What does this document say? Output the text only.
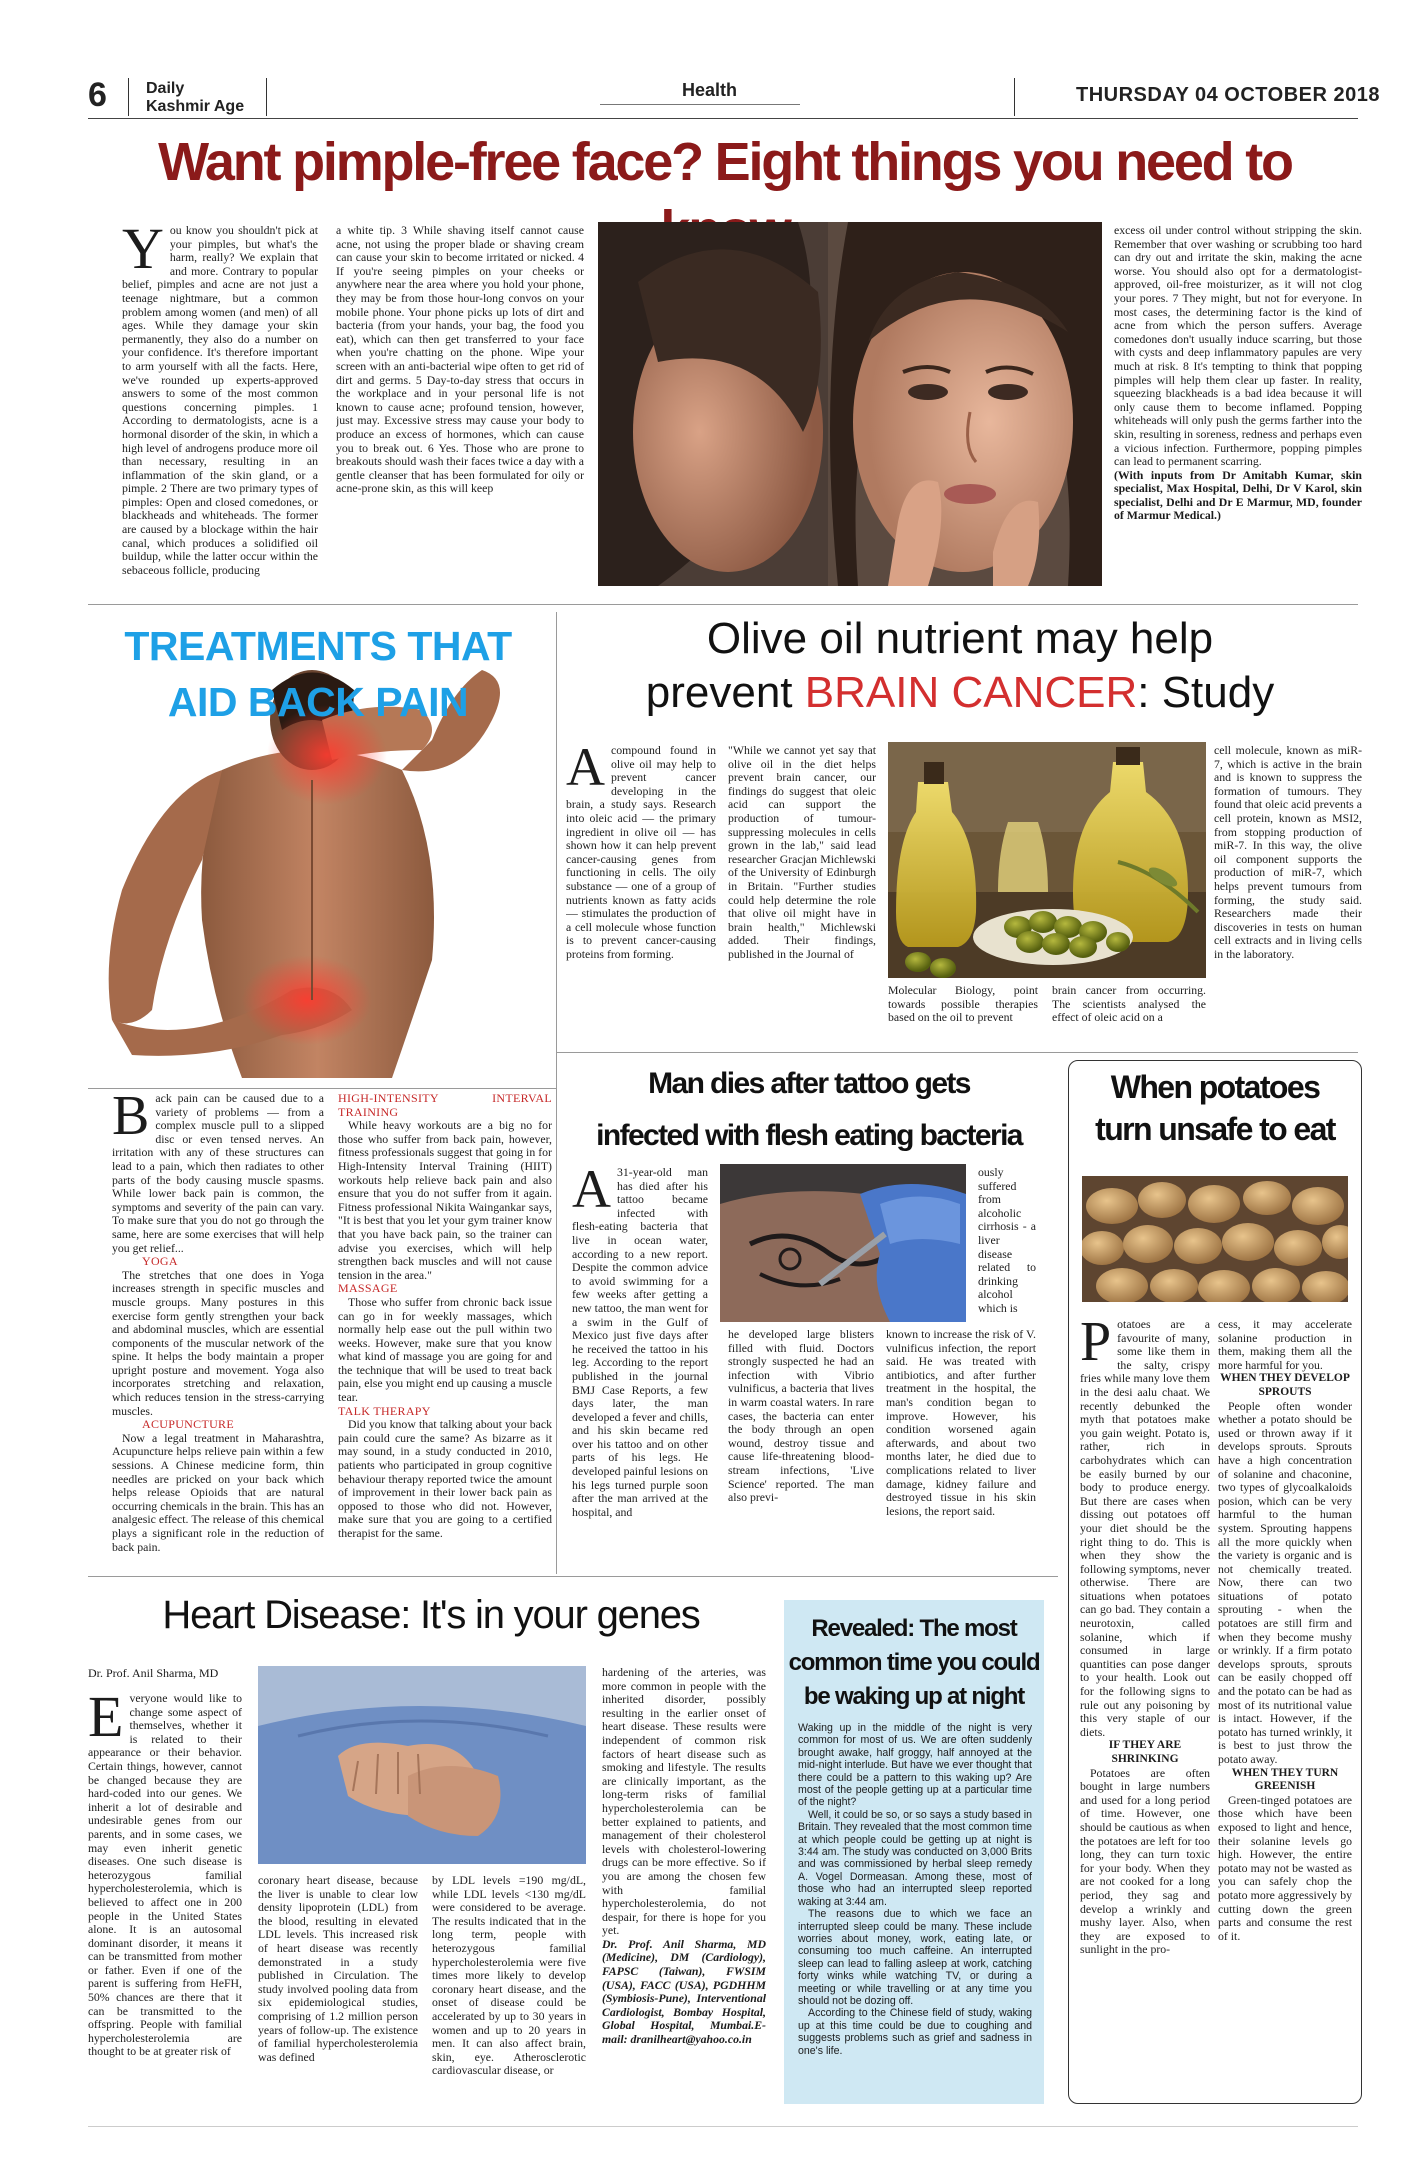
6 Daily
Kashmir Age
Health	THURSDAY 04 OCTOBER 2018
Want pimple-free face? Eight things you need to
You know you shouldn't pick at your pimples, but what's the harm, really? We explain that and more. Contrary to popular belief, pimples and acne are not just a teenage nightmare, but a common problem among women (and men) of all ages. While they damage your skin permanently, they also do a number on your confidence. It's therefore important to arm yourself with all the facts. Here, we've rounded up experts-approved answers to some of the most common questions concerning pimples. 1 According to dermatologists, acne is a hormonal disorder of the skin, in which a high level of androgens produce more oil than necessary, resulting in an inflammation of the skin gland, or a pimple. 2 There are two primary types of pimples: Open and closed comedones, or blackheads and whiteheads. The former are caused by a blockage within the hair canal, which produces a solidified oil buildup, while the latter occur within the sebaceous follicle, producing
a white tip. 3 While shaving itself cannot cause acne, not using the proper blade or shaving cream can cause your skin to become irritated or nicked. 4 If you're seeing pimples on your cheeks or anywhere near the area where you hold your phone, they may be from those hour-long convos on your mobile phone. Your phone picks up lots of dirt and bacteria (from your hands, your bag, the food you eat), which can then get transferred to your face when you're chatting on the phone. Wipe your screen with an anti-bacterial wipe often to get rid of dirt and germs. 5 Day-to-day stress that occurs in the workplace and in your personal life is not known to cause acne; profound tension, however, just may. Excessive stress may cause your body to produce an excess of hormones, which can cause you to break out. 6 Yes. Those who are prone to breakouts should wash their faces twice a day with a gentle cleanser that has been formulated for oily or acne-prone skin, as this will keep
excess oil under control without stripping the skin. Remember that over washing or scrubbing too hard can dry out and irritate the skin, making the acne worse. You should also opt for a dermatologist-approved, oil-free moisturizer, as it will not clog your pores. 7 They might, but not for everyone. In most cases, the determining factor is the kind of acne from which the person suffers. Average comedones don't usually induce scarring, but those with cysts and deep inflammatory papules are very much at risk. 8 It's tempting to think that popping pimples will help them clear up faster. In reality, squeezing blackheads is a bad idea because it will only cause them to become inflamed. Popping whiteheads will only push the germs farther into the skin, resulting in soreness, redness and perhaps even a vicious infection. Furthermore, popping pimples can lead to permanent scarring.
(With inputs from Dr Amitabh Kumar, skin specialist, Max Hospital, Delhi, Dr V Karol, skin specialist, Delhi and Dr E Marmur, MD, founder of Marmur Medical.)
TREATMENTS THAT
AID BACK PAIN
Back pain can be caused due to a variety of problems — from a complex muscle pull to a slipped disc or even tensed nerves. An irritation with any of these structures can lead to a pain, which then radiates to other parts of the body causing muscle spasms. While lower back pain is common, the symptoms and severity of the pain can vary. To make sure that you do not go through the same, here are some exercises that will help you get relief...
YOGA
The stretches that one does in Yoga increases strength in specific muscles and muscle groups. Many postures in this exercise form gently strengthen your back and abdominal muscles, which are essential components of the muscular network of the spine. It helps the body maintain a proper upright posture and movement. Yoga also incorporates stretching and relaxation, which reduces tension in the stress-carrying muscles.
ACUPUNCTURE
Now a legal treatment in Maharashtra, Acupuncture helps relieve pain within a few sessions. A Chinese medicine form, thin needles are pricked on your back which helps release Opioids that are natural occurring chemicals in the brain. This has an analgesic effect. The release of this chemical plays a significant role in the reduction of back pain.
HIGH-INTENSITY INTERVAL TRAINING
While heavy workouts are a big no for those who suffer from back pain, however, fitness professionals suggest that going in for High-Intensity Interval Training (HIIT) workouts help relieve back pain and also ensure that you do not suffer from it again. Fitness professional Nikita Waingankar says, "It is best that you let your gym trainer know that you have back pain, so the trainer can advise you exercises, which will help strengthen back muscles and will not cause tension in the area."
MASSAGE
Those who suffer from chronic back issue can go in for weekly massages, which normally help ease out the pull within two weeks. However, make sure that you know what kind of massage you are going for and the technique that will be used to treat back pain, else you might end up causing a muscle tear.
TALK THERAPY
Did you know that talking about your back pain could cure the same? As bizarre as it may sound, in a study conducted in 2010, patients who participated in group cognitive behaviour therapy reported twice the amount of improvement in their lower back pain as opposed to those who did not. However, make sure that you are going to a certified therapist for the same.
Olive oil nutrient may help
prevent BRAIN CANCER: Study
A compound found in olive oil may help to prevent cancer developing in the brain, a study says. Research into oleic acid — the primary ingredient in olive oil — has shown how it can help prevent cancer-causing genes from functioning in cells. The oily substance — one of a group of nutrients known as fatty acids — stimulates the production of a cell molecule whose function is to prevent cancer-causing proteins from forming.
"While we cannot yet say that olive oil in the diet helps prevent brain cancer, our findings do suggest that oleic acid can support the production of tumour-suppressing molecules in cells grown in the lab," said lead researcher Gracjan Michlewski of the University of Edinburgh in Britain. "Further studies could help determine the role that olive oil might have in brain health," Michlewski added. Their findings, published in the Journal of
Molecular Biology, point towards possible therapies based on the oil to prevent
brain cancer from occurring. The scientists analysed the effect of oleic acid on a
cell molecule, known as miR-7, which is active in the brain and is known to suppress the formation of tumours. They found that oleic acid prevents a cell protein, known as MSI2, from stopping production of miR-7. In this way, the olive oil component supports the production of miR-7, which helps prevent tumours from forming, the study said. Researchers made their discoveries in tests on human cell extracts and in living cells in the laboratory.
Man dies after tattoo gets
infected with flesh eating bacteria
A 31-year-old man has died after his tattoo became infected with flesh-eating bacteria that live in ocean water, according to a new report. Despite the common advice to avoid swimming for a few weeks after getting a new tattoo, the man went for a swim in the Gulf of Mexico just five days after he received the tattoo in his leg. According to the report published in the journal BMJ Case Reports, a few days later, the man developed a fever and chills, and his skin became red over his tattoo and on other parts of his legs. He developed painful lesions on his legs turned purple soon after the man arrived at the hospital, and
he developed large blisters filled with fluid. Doctors strongly suspected he had an infection with Vibrio vulnificus, a bacteria that lives in warm coastal waters. In rare cases, the bacteria can enter the body through an open wound, destroy tissue and cause life-threatening blood-stream infections, 'Live Science' reported. The man also previ-
ously suffered from alcoholic cirrhosis - a liver disease related to drinking alcohol which is
known to increase the risk of V. vulnificus infection, the report said. He was treated with antibiotics, and after further treatment in the hospital, the man's condition began to improve. However, his condition worsened again afterwards, and about two months later, he died due to complications related to liver damage, kidney failure and destroyed tissue in his skin lesions, the report said.
When potatoes
turn unsafe to eat
Potatoes are a favourite of many, some like them in the salty, crispy fries while many love them in the desi aalu chaat. We recently debunked the myth that potatoes make you gain weight. Potato is, rather, rich in carbohydrates which can be easily burned by our body to produce energy. But there are cases when dissing out potatoes off your diet should be the right thing to do. This is when they show the following symptoms, never otherwise. There are situations when potatoes can go bad. They contain a neurotoxin, called solanine, which if consumed in large quantities can pose danger to your health. Look out for the following signs to rule out any poisoning by this very staple of our diets.
IF THEY ARE SHRINKING
Potatoes are often bought in large numbers and used for a long period of time. However, one should be cautious as when the potatoes are left for too long, they can turn toxic for your body. When they are not cooked for a long period, they sag and develop a wrinkly and mushy layer. Also, when they are exposed to sunlight in the pro-
cess, it may accelerate solanine production in them, making them all the more harmful for you.
WHEN THEY DEVELOP SPROUTS
People often wonder whether a potato should be used or thrown away if it develops sprouts. Sprouts have a high concentration of solanine and chaconine, two types of glycoalkaloids posion, which can be very harmful to the human system. Sprouting happens all the more quickly when the variety is organic and is not chemically treated. Now, there can two situations of potato sprouting - when the potatoes are still firm and when they become mushy or wrinkly. If a firm potato develops sprouts, sprouts can be easily chopped off and the potato can be had as most of its nutritional value is intact. However, if the potato has turned wrinkly, it is best to just throw the potato away.
WHEN THEY TURN GREENISH
Green-tinged potatoes are those which have been exposed to light and hence, their solanine levels go high. However, the entire potato may not be wasted as you can safely chop the potato more aggressively by cutting down the green parts and consume the rest of it.
Heart Disease: It's in your genes
Dr. Prof. Anil Sharma, MD
Everyone would like to change some aspect of themselves, whether it is related to their appearance or their behavior. Certain things, however, cannot be changed because they are hard-coded into our genes. We inherit a lot of desirable and undesirable genes from our parents, and in some cases, we may even inherit genetic diseases. One such disease is heterozygous familial hypercholesterolemia, which is believed to affect one in 200 people in the United States alone. It is an autosomal dominant disorder, it means it can be transmitted from mother or father. Even if one of the parent is suffering from HeFH, 50% chances are there that it can be transmitted to the offspring. People with familial hypercholesterolemia are thought to be at greater risk of
coronary heart disease, because the liver is unable to clear low density lipoprotein (LDL) from the blood, resulting in elevated LDL levels. This increased risk of heart disease was recently demonstrated in a study published in Circulation. The study involved pooling data from six epidemiological studies, comprising of 1.2 million person years of follow-up. The existence of familial hypercholesterolemia was defined
by LDL levels =190 mg/dL, while LDL levels <130 mg/dL were considered to be average. The results indicated that in the long term, people with heterozygous familial hypercholesterolemia were five times more likely to develop coronary heart disease, and the onset of disease could be accelerated by up to 30 years in women and up to 20 years in men. It can also affect brain, skin, eye. Atherosclerotic cardiovascular disease, or
hardening of the arteries, was more common in people with the inherited disorder, possibly resulting in the earlier onset of heart disease. These results were independent of common risk factors of heart disease such as smoking and lifestyle. The results are clinically important, as the long-term risks of familial hypercholesterolemia can be better explained to patients, and management of their cholesterol levels with cholesterol-lowering drugs can be more effective. So if you are among the chosen few with familial hypercholesterolemia, do not despair, for there is hope for you yet.
Dr. Prof. Anil Sharma, MD (Medicine), DM (Cardiology), FAPSC (Taiwan), FWSIM (USA), FACC (USA), PGDHHM (Symbiosis-Pune), Interventional Cardiologist, Bombay Hospital, Global Hospital, Mumbai.E-mail: dranilheart@yahoo.co.in
Revealed: The most
common time you could
be waking up at night
Waking up in the middle of the night is very common for most of us. We are often suddenly brought awake, half groggy, half annoyed at the mid-night interlude. But have we ever thought that there could be a pattern to this waking up? Are most of the people getting up at a particular time of the night?
Well, it could be so, or so says a study based in Britain. They revealed that the most common time at which people could be getting up at night is 3:44 am. The study was conducted on 3,000 Brits and was commissioned by herbal sleep remedy A. Vogel Dormeasan. Among these, most of those who had an interrupted sleep reported waking at 3:44 am.
The reasons due to which we face an interrupted sleep could be many. These include worries about money, work, eating late, or consuming too much caffeine. An interrupted sleep can lead to falling asleep at work, catching forty winks while watching TV, or during a meeting or while travelling or at any time you should not be dozing off.
According to the Chinese field of study, waking up at this time could be due to coughing and suggests problems such as grief and sadness in one's life.
